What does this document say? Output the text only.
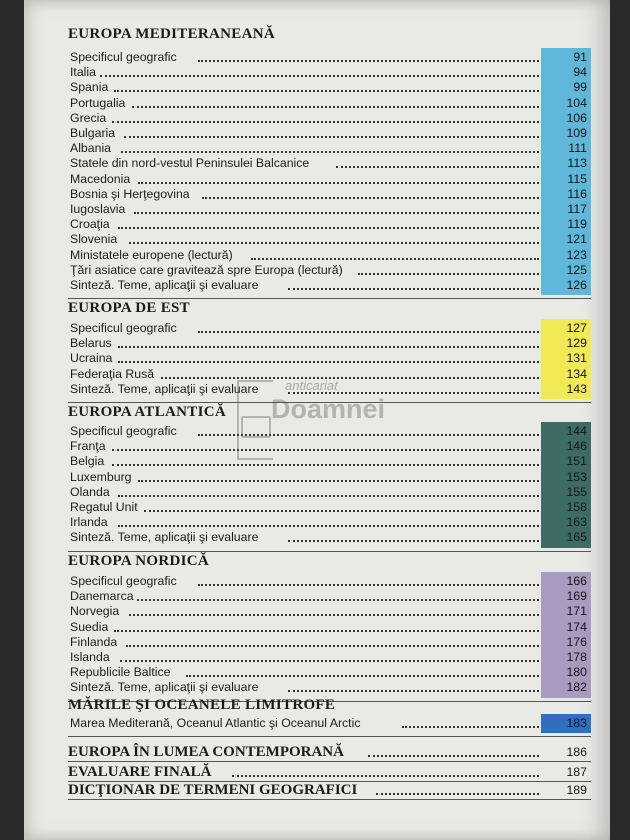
anticariat
Doamnei
EUROPA MEDITERANEANĂ
Specificul geografic	91
Italia	94
Spania	99
Portugalia	104
Grecia	106
Bulgaria	109
Albania	111
Statele din nord-vestul Peninsulei Balcanice	113
Macedonia	115
Bosnia şi Herţegovina	116
Iugoslavia	117
Croaţia	119
Slovenia	121
Ministatele europene (lectură)	123
Ţări asiatice care gravitează spre Europa (lectură)	125
Sinteză. Teme, aplicaţii şi evaluare	126
EUROPA DE EST
Specificul geografic	127
Belarus	129
Ucraina	131
Federaţia Rusă	134
Sinteză. Teme, aplicaţii şi evaluare	143
EUROPA ATLANTICĂ
Specificul geografic	144
Franţa	146
Belgia	151
Luxemburg	153
Olanda	155
Regatul Unit	158
Irlanda	163
Sinteză. Teme, aplicaţii şi evaluare	165
EUROPA NORDICĂ
Specificul geografic	166
Danemarca	169
Norvegia	171
Suedia	174
Finlanda	176
Islanda	178
Republicile Baltice	180
Sinteză. Teme, aplicaţii şi evaluare	182
MĂRILE ŞI OCEANELE LIMITROFE
Marea Mediterană, Oceanul Atlantic şi Oceanul Arctic	183
EUROPA ÎN LUMEA CONTEMPORANĂ	186
EVALUARE FINALĂ	187
DICŢIONAR DE TERMENI GEOGRAFICI	189
